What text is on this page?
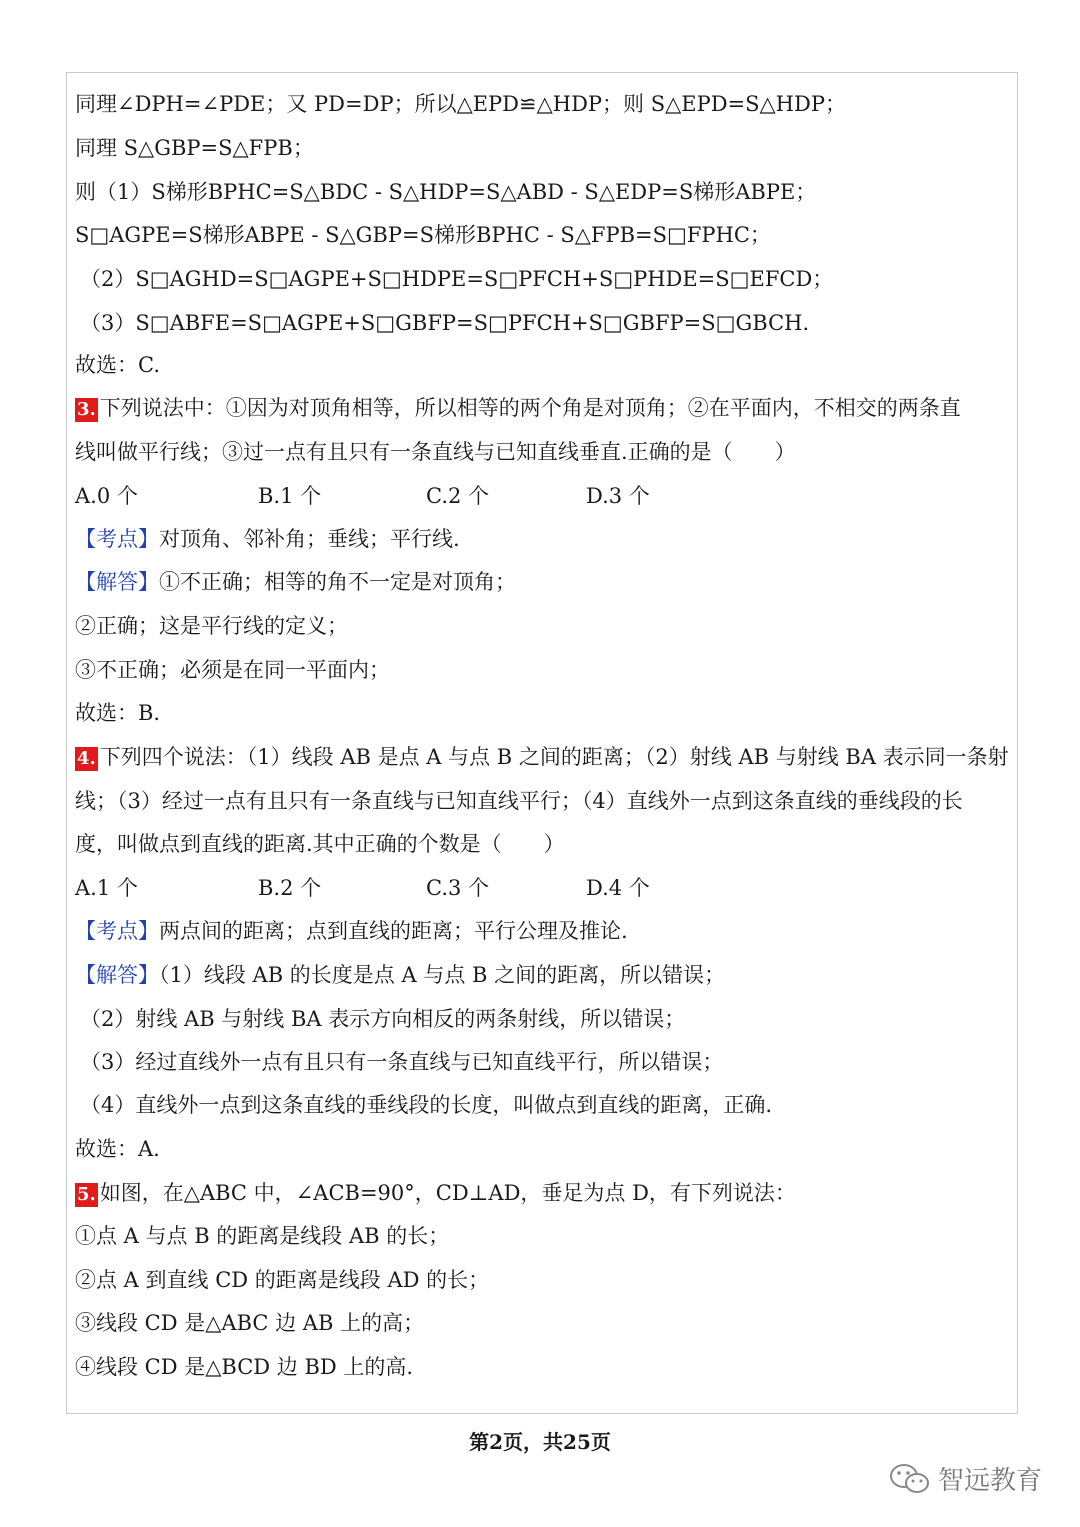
同理∠DPH=∠PDE；又 PD=DP；所以△EPD≌△HDP；则 S△EPD=S△HDP；
同理 S△GBP=S△FPB；
则（1）S梯形BPHC=S△BDC - S△HDP=S△ABD - S△EDP=S梯形ABPE；
S□AGPE=S梯形ABPE - S△GBP=S梯形BPHC - S△FPB=S□FPHC；
（2）S□AGHD=S□AGPE+S□HDPE=S□PFCH+S□PHDE=S□EFCD；
（3）S□ABFE=S□AGPE+S□GBFP=S□PFCH+S□GBFP=S□GBCH.
故选：C.
3. 下列说法中：①因为对顶角相等，所以相等的两个角是对顶角；②在平面内，不相交的两条直
线叫做平行线；③过一点有且只有一条直线与已知直线垂直.正确的是（　　）
A.0 个	B.1 个	C.2 个	D.3 个
【考点】对顶角、邻补角；垂线；平行线.
【解答】①不正确；相等的角不一定是对顶角；
②正确；这是平行线的定义；
③不正确；必须是在同一平面内；
故选：B.
4. 下列四个说法：（1）线段 AB 是点 A 与点 B 之间的距离；（2）射线 AB 与射线 BA 表示同一条射
线；（3）经过一点有且只有一条直线与已知直线平行；（4）直线外一点到这条直线的垂线段的长
度，叫做点到直线的距离.其中正确的个数是（　　）
A.1 个	B.2 个	C.3 个	D.4 个
【考点】两点间的距离；点到直线的距离；平行公理及推论.
【解答】（1）线段 AB 的长度是点 A 与点 B 之间的距离，所以错误；
（2）射线 AB 与射线 BA 表示方向相反的两条射线，所以错误；
（3）经过直线外一点有且只有一条直线与已知直线平行，所以错误；
（4）直线外一点到这条直线的垂线段的长度，叫做点到直线的距离，正确.
故选：A.
5. 如图，在△ABC 中，∠ACB=90°，CD⊥AD，垂足为点 D，有下列说法：
①点 A 与点 B 的距离是线段 AB 的长；
②点 A 到直线 CD 的距离是线段 AD 的长；
③线段 CD 是△ABC 边 AB 上的高；
④线段 CD 是△BCD 边 BD 上的高.
第2页，共25页
智远教育
